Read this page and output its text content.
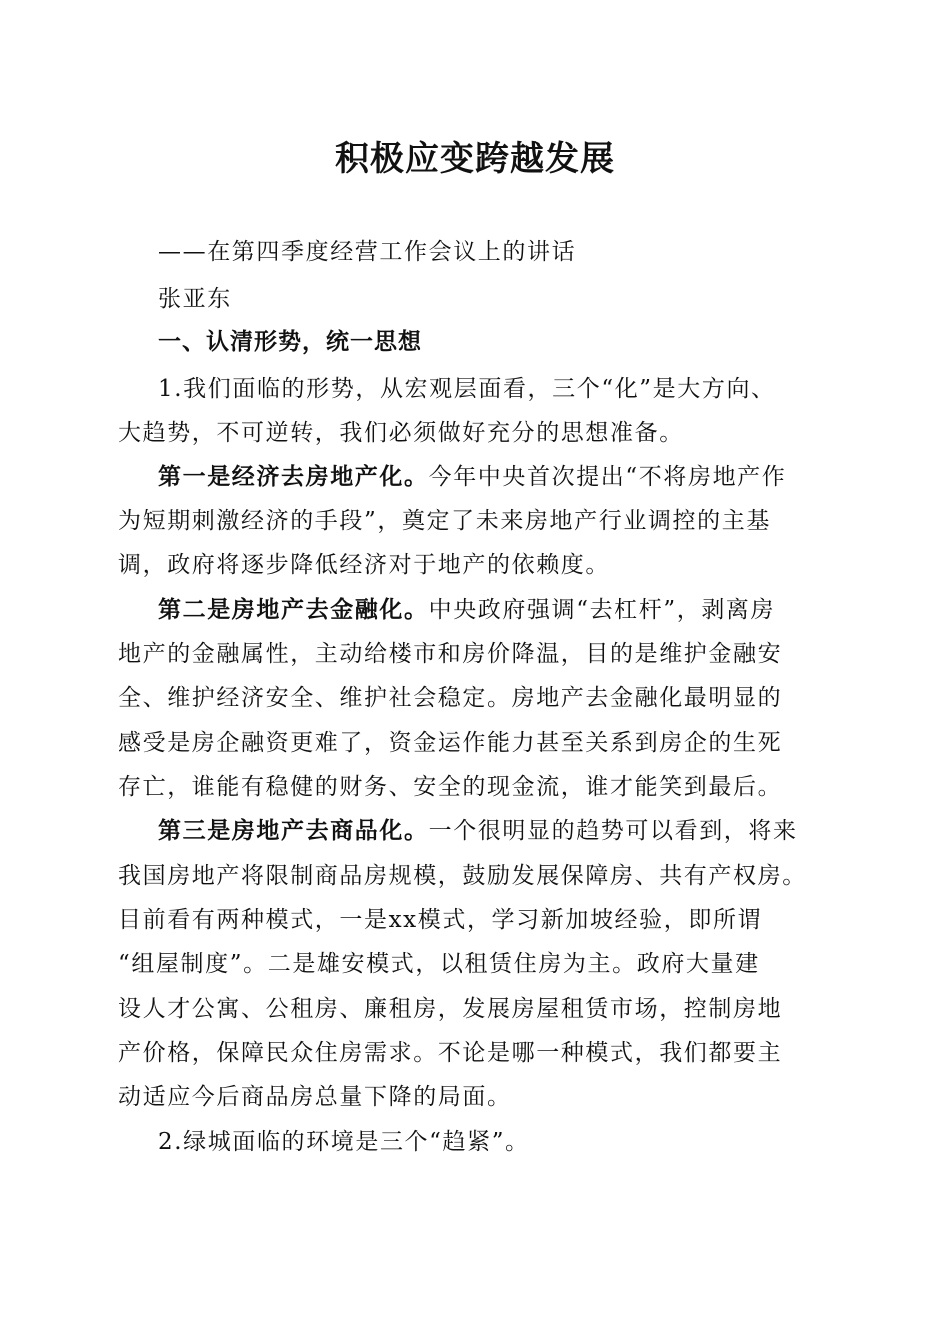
积极应变跨越发展

——在第四季度经营工作会议上的讲话

张亚东

一、认清形势，统一思想

1.我们面临的形势，从宏观层面看，三个“化”是大方向、

大趋势，不可逆转，我们必须做好充分的思想准备。

第一是经济去房地产化。今年中央首次提出“不将房地产作

为短期刺激经济的手段”，奠定了未来房地产行业调控的主基

调，政府将逐步降低经济对于地产的依赖度。

第二是房地产去金融化。中央政府强调“去杠杆”，剥离房

地产的金融属性，主动给楼市和房价降温，目的是维护金融安

全、维护经济安全、维护社会稳定。房地产去金融化最明显的

感受是房企融资更难了，资金运作能力甚至关系到房企的生死

存亡，谁能有稳健的财务、安全的现金流，谁才能笑到最后。

第三是房地产去商品化。一个很明显的趋势可以看到，将来

我国房地产将限制商品房规模，鼓励发展保障房、共有产权房。

目前看有两种模式，一是xx模式，学习新加坡经验，即所谓

“组屋制度”。二是雄安模式，以租赁住房为主。政府大量建

设人才公寓、公租房、廉租房，发展房屋租赁市场，控制房地

产价格，保障民众住房需求。不论是哪一种模式，我们都要主

动适应今后商品房总量下降的局面。

2.绿城面临的环境是三个“趋紧”。
